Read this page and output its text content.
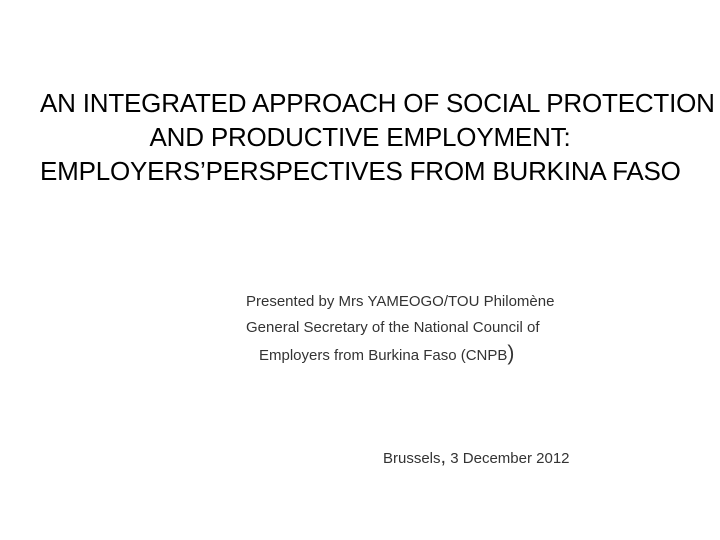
AN INTEGRATED APPROACH OF SOCIAL PROTECTION
AND PRODUCTIVE EMPLOYMENT:
EMPLOYERS’PERSPECTIVES FROM BURKINA FASO
Presented by Mrs YAMEOGO/TOU Philomène
General Secretary of the National Council of
Employers from Burkina Faso (CNPB)
Brussels, 3 December 2012
